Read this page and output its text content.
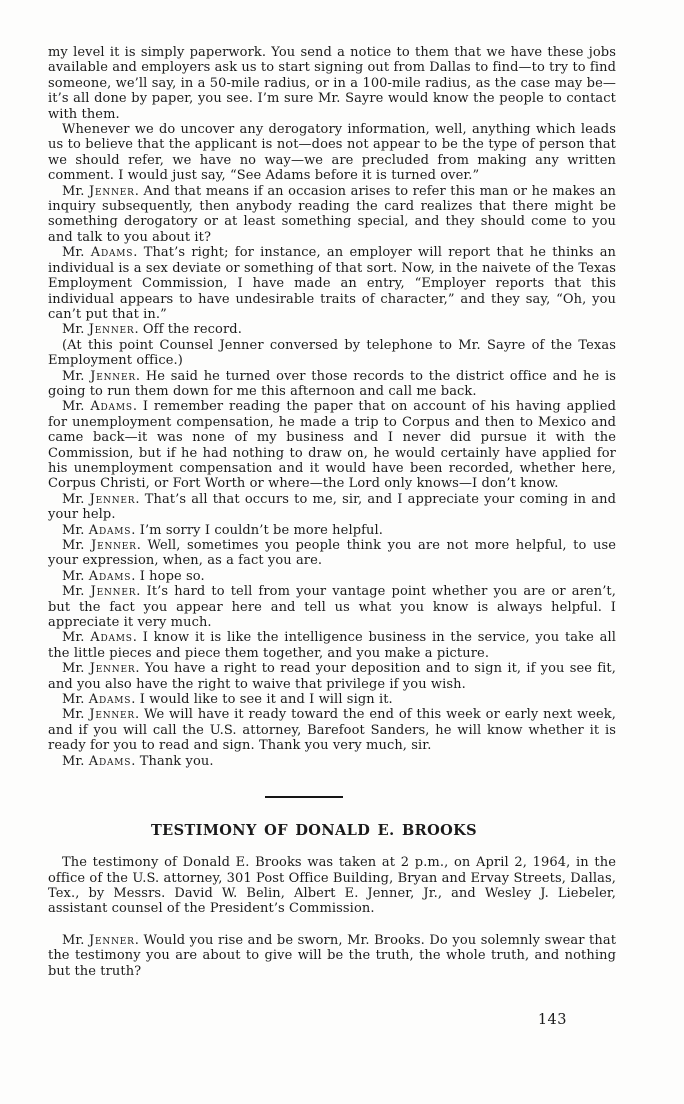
my level it is simply paperwork. You send a notice to them that we have these jobs available and employers ask us to start signing out from Dallas to find—to try to find someone, we’ll say, in a 50-mile radius, or in a 100-mile radius, as the case may be—it’s all done by paper, you see. I’m sure Mr. Sayre would know the people to contact with them.

Whenever we do uncover any derogatory information, well, anything which leads us to believe that the applicant is not—does not appear to be the type of person that we should refer, we have no way—we are precluded from making any written comment. I would just say, “See Adams before it is turned over.”

Mr. Jenner. And that means if an occasion arises to refer this man or he makes an inquiry subsequently, then anybody reading the card realizes that there might be something derogatory or at least something special, and they should come to you and talk to you about it?

Mr. Adams. That’s right; for instance, an employer will report that he thinks an individual is a sex deviate or something of that sort. Now, in the naivete of the Texas Employment Commission, I have made an entry, “Employer reports that this individual appears to have undesirable traits of character,” and they say, “Oh, you can’t put that in.”

Mr. Jenner. Off the record.

(At this point Counsel Jenner conversed by telephone to Mr. Sayre of the Texas Employment office.)

Mr. Jenner. He said he turned over those records to the district office and he is going to run them down for me this afternoon and call me back.

Mr. Adams. I remember reading the paper that on account of his having applied for unemployment compensation, he made a trip to Corpus and then to Mexico and came back—it was none of my business and I never did pursue it with the Commission, but if he had nothing to draw on, he would certainly have applied for his unemployment compensation and it would have been recorded, whether here, Corpus Christi, or Fort Worth or where—the Lord only knows—I don’t know.

Mr. Jenner. That’s all that occurs to me, sir, and I appreciate your coming in and your help.

Mr. Adams. I’m sorry I couldn’t be more helpful.

Mr. Jenner. Well, sometimes you people think you are not more helpful, to use your expression, when, as a fact you are.

Mr. Adams. I hope so.

Mr. Jenner. It’s hard to tell from your vantage point whether you are or aren’t, but the fact you appear here and tell us what you know is always helpful. I appreciate it very much.

Mr. Adams. I know it is like the intelligence business in the service, you take all the little pieces and piece them together, and you make a picture.

Mr. Jenner. You have a right to read your deposition and to sign it, if you see fit, and you also have the right to waive that privilege if you wish.

Mr. Adams. I would like to see it and I will sign it.

Mr. Jenner. We will have it ready toward the end of this week or early next week, and if you will call the U.S. attorney, Barefoot Sanders, he will know whether it is ready for you to read and sign. Thank you very much, sir.

Mr. Adams. Thank you.

TESTIMONY OF DONALD E. BROOKS

The testimony of Donald E. Brooks was taken at 2 p.m., on April 2, 1964, in the office of the U.S. attorney, 301 Post Office Building, Bryan and Ervay Streets, Dallas, Tex., by Messrs. David W. Belin, Albert E. Jenner, Jr., and Wesley J. Liebeler, assistant counsel of the President’s Commission.

Mr. Jenner. Would you rise and be sworn, Mr. Brooks. Do you solemnly swear that the testimony you are about to give will be the truth, the whole truth, and nothing but the truth?

143
